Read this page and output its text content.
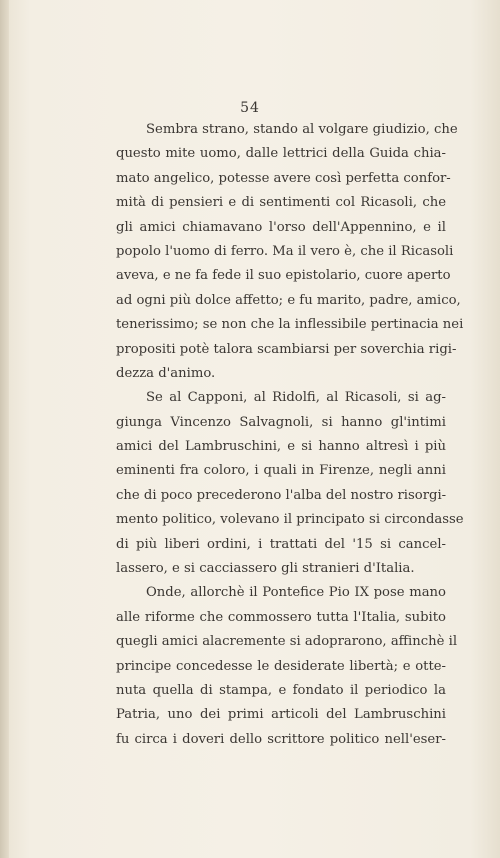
54
Sembra strano, stando al volgare giudizio, che
questo mite uomo, dalle lettrici della Guida chia-
mato angelico, potesse avere così perfetta confor-
mità di pensieri e di sentimenti col Ricasoli, che
gli amici chiamavano l'orso dell'Appennino, e il
popolo l'uomo di ferro. Ma il vero è, che il Ricasoli
aveva, e ne fa fede il suo epistolario, cuore aperto
ad ogni più dolce affetto; e fu marito, padre, amico,
tenerissimo; se non che la inflessibile pertinacia nei
propositi potè talora scambiarsi per soverchia rigi-
dezza d'animo.
Se al Capponi, al Ridolfi, al Ricasoli, si ag-
giunga Vincenzo Salvagnoli, si hanno gl'intimi
amici del Lambruschini, e si hanno altresì i più
eminenti fra coloro, i quali in Firenze, negli anni
che di poco precederono l'alba del nostro risorgi-
mento politico, volevano il principato si circondasse
di più liberi ordini, i trattati del '15 si cancel-
lassero, e si cacciassero gli stranieri d'Italia.
Onde, allorchè il Pontefice Pio IX pose mano
alle riforme che commossero tutta l'Italia, subito
quegli amici alacremente si adoprarono, affinchè il
principe concedesse le desiderate libertà; e otte-
nuta quella di stampa, e fondato il periodico la
Patria, uno dei primi articoli del Lambruschini
fu circa i doveri dello scrittore politico nell'eser-
